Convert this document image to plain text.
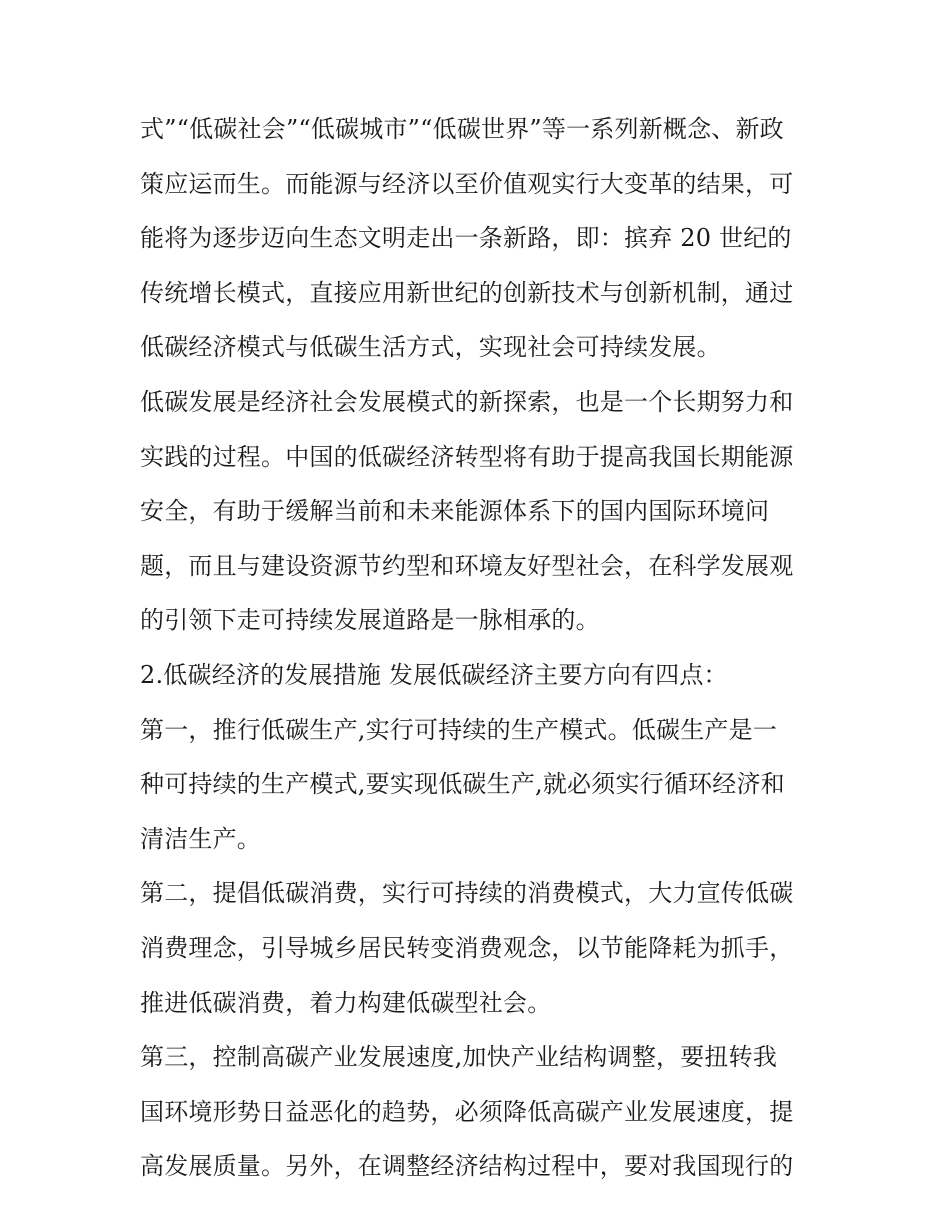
式”“低碳社会”“低碳城市”“低碳世界”等一系列新概念、新政
策应运而生。而能源与经济以至价值观实行大变革的结果，可
能将为逐步迈向生态文明走出一条新路，即：摈弃 20 世纪的
传统增长模式，直接应用新世纪的创新技术与创新机制，通过
低碳经济模式与低碳生活方式，实现社会可持续发展。
低碳发展是经济社会发展模式的新探索，也是一个长期努力和
实践的过程。中国的低碳经济转型将有助于提高我国长期能源
安全，有助于缓解当前和未来能源体系下的国内国际环境问
题，而且与建设资源节约型和环境友好型社会，在科学发展观
的引领下走可持续发展道路是一脉相承的。
2.低碳经济的发展措施 发展低碳经济主要方向有四点：
第一，推行低碳生产,实行可持续的生产模式。低碳生产是一
种可持续的生产模式,要实现低碳生产,就必须实行循环经济和
清洁生产。
第二，提倡低碳消费，实行可持续的消费模式，大力宣传低碳
消费理念，引导城乡居民转变消费观念，以节能降耗为抓手，
推进低碳消费，着力构建低碳型社会。
第三，控制高碳产业发展速度,加快产业结构调整，要扭转我
国环境形势日益恶化的趋势，必须降低高碳产业发展速度，提
高发展质量。另外，在调整经济结构过程中，要对我国现行的
